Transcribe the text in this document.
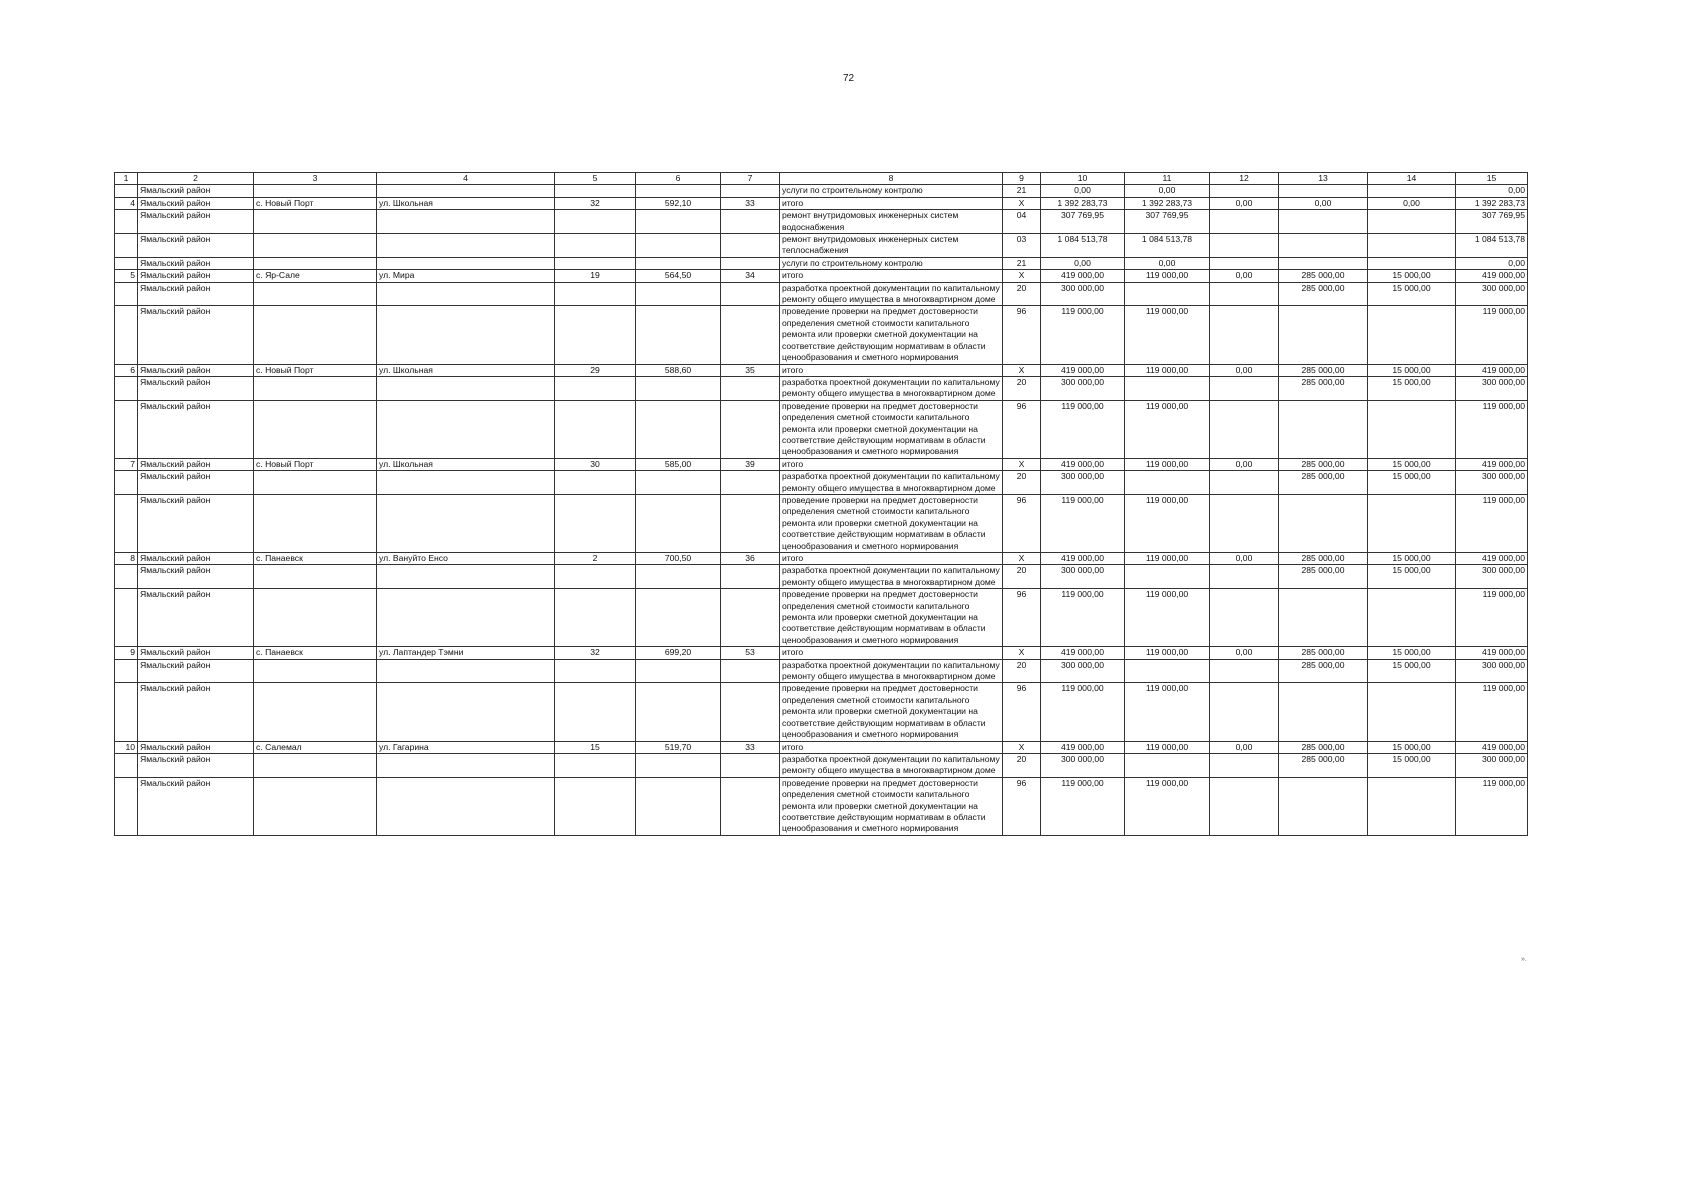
72
1	2	3	4	5	6	7	8	9	10	11	12	13	14	15
	Ямальский район						услуги по строительному контролю	21	0,00	0,00				0,00
4	Ямальский район	с. Новый Порт	ул. Школьная	32	592,10	33	итого	Х	1 392 283,73	1 392 283,73	0,00	0,00	0,00	1 392 283,73
	Ямальский район						ремонт внутридомовых инженерных систем водоснабжения	04	307 769,95	307 769,95				307 769,95
	Ямальский район						ремонт внутридомовых инженерных систем теплоснабжения	03	1 084 513,78	1 084 513,78				1 084 513,78
	Ямальский район						услуги по строительному контролю	21	0,00	0,00				0,00
5	Ямальский район	с. Яр-Сале	ул. Мира	19	564,50	34	итого	Х	419 000,00	119 000,00	0,00	285 000,00	15 000,00	419 000,00
	Ямальский район						разработка проектной документации по капитальному ремонту общего имущества в многоквартирном доме	20	300 000,00			285 000,00	15 000,00	300 000,00
	Ямальский район						проведение проверки на предмет достоверности определения сметной стоимости капитального ремонта или проверки сметной документации на соответствие действующим нормативам в области ценообразования и сметного нормирования	96	119 000,00	119 000,00				119 000,00
6	Ямальский район	с. Новый Порт	ул. Школьная	29	588,60	35	итого	Х	419 000,00	119 000,00	0,00	285 000,00	15 000,00	419 000,00
	Ямальский район						разработка проектной документации по капитальному ремонту общего имущества в многоквартирном доме	20	300 000,00			285 000,00	15 000,00	300 000,00
	Ямальский район						проведение проверки на предмет достоверности определения сметной стоимости капитального ремонта или проверки сметной документации на соответствие действующим нормативам в области ценообразования и сметного нормирования	96	119 000,00	119 000,00				119 000,00
7	Ямальский район	с. Новый Порт	ул. Школьная	30	585,00	39	итого	Х	419 000,00	119 000,00	0,00	285 000,00	15 000,00	419 000,00
	Ямальский район						разработка проектной документации по капитальному ремонту общего имущества в многоквартирном доме	20	300 000,00			285 000,00	15 000,00	300 000,00
	Ямальский район						проведение проверки на предмет достоверности определения сметной стоимости капитального ремонта или проверки сметной документации на соответствие действующим нормативам в области ценообразования и сметного нормирования	96	119 000,00	119 000,00				119 000,00
8	Ямальский район	с. Панаевск	ул. Вануйто Енсо	2	700,50	36	итого	Х	419 000,00	119 000,00	0,00	285 000,00	15 000,00	419 000,00
	Ямальский район						разработка проектной документации по капитальному ремонту общего имущества в многоквартирном доме	20	300 000,00			285 000,00	15 000,00	300 000,00
	Ямальский район						проведение проверки на предмет достоверности определения сметной стоимости капитального ремонта или проверки сметной документации на соответствие действующим нормативам в области ценообразования и сметного нормирования	96	119 000,00	119 000,00				119 000,00
9	Ямальский район	с. Панаевск	ул. Лаптандер Тэмни	32	699,20	53	итого	Х	419 000,00	119 000,00	0,00	285 000,00	15 000,00	419 000,00
	Ямальский район						разработка проектной документации по капитальному ремонту общего имущества в многоквартирном доме	20	300 000,00			285 000,00	15 000,00	300 000,00
	Ямальский район						проведение проверки на предмет достоверности определения сметной стоимости капитального ремонта или проверки сметной документации на соответствие действующим нормативам в области ценообразования и сметного нормирования	96	119 000,00	119 000,00				119 000,00
10	Ямальский район	с. Салемал	ул. Гагарина	15	519,70	33	итого	Х	419 000,00	119 000,00	0,00	285 000,00	15 000,00	419 000,00
	Ямальский район						разработка проектной документации по капитальному ремонту общего имущества в многоквартирном доме	20	300 000,00			285 000,00	15 000,00	300 000,00
	Ямальский район						проведение проверки на предмет достоверности определения сметной стоимости капитального ремонта или проверки сметной документации на соответствие действующим нормативам в области ценообразования и сметного нормирования	96	119 000,00	119 000,00				119 000,00
».
